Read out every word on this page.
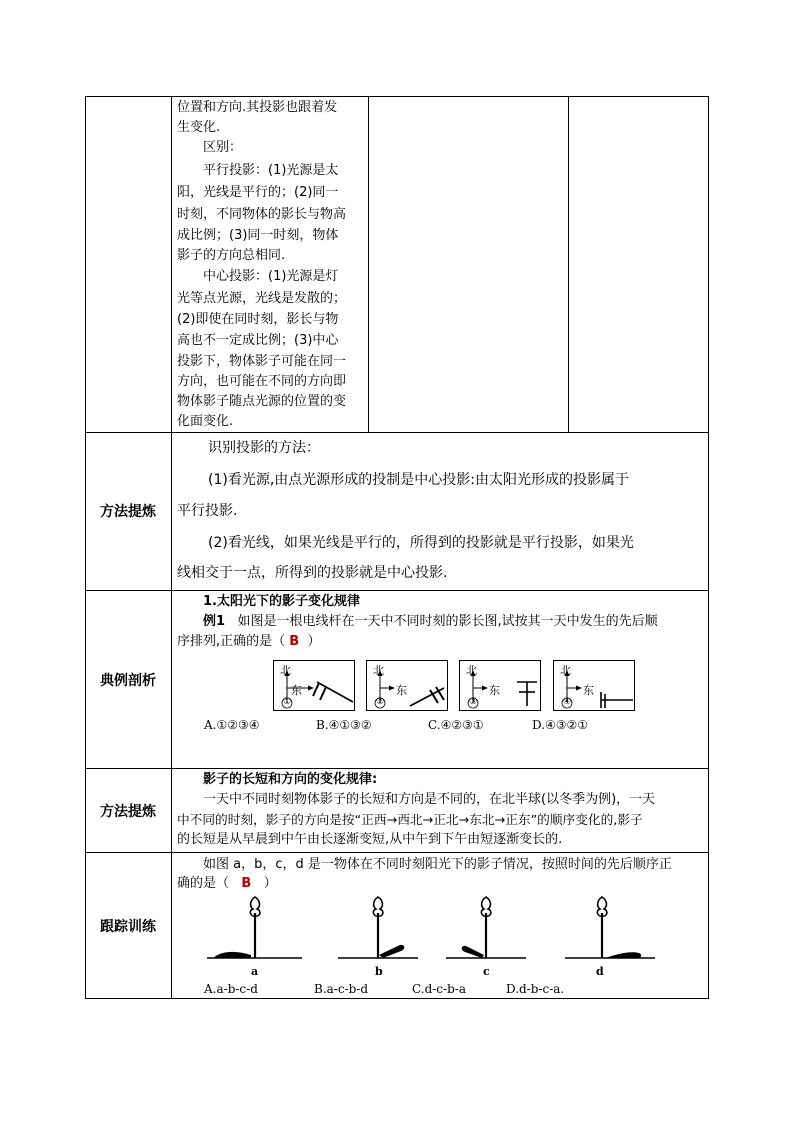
位置和方向.其投影也跟着发
生变化.
区别：
平行投影：(1)光源是太
阳，光线是平行的；(2)同一
时刻，不同物体的影长与物高
成比例；(3)同一时刻，物体
影子的方向总相同.
中心投影：(1)光源是灯
光等点光源，光线是发散的；
(2)即使在同时刻，影长与物
高也不一定成比例；(3)中心
投影下，物体影子可能在同一
方向，也可能在不同的方向即
物体影子随点光源的位置的变
化面变化.
方法提炼
识别投影的方法：
(1)看光源,由点光源形成的投制是中心投影:由太阳光形成的投影属于
平行投影.
(2)看光线，如果光线是平行的，所得到的投影就是平行投影，如果光
线相交于一点，所得到的投影就是中心投影.
典例剖析
1.太阳光下的影子变化规律
例1 如图是一根电线杆在一天中不同时刻的影长图,试按其一天中发生的先后顺
序排列,正确的是（ B ）
北
东
①
北
东
②
北
东
③
北
东
④
A.①②③④	B.④①③②	C.④②③①	D.④③②①
方法提炼
影子的长短和方向的变化规律:
一天中不同时刻物体影子的长短和方向是不同的，在北半球(以冬季为例)，一天
中不同的时刻，影子的方向是按“正西→西北→正北→东北→正东”的顺序变化的,影子
的长短是从早晨到中午由长逐渐变短,从中午到下午由短逐渐变长的.
跟踪训练
如图 a，b，c，d 是一物体在不同时刻阳光下的影子情况，按照时间的先后顺序正
确的是（ B ）
a	b	c	d
A.a-b-c-d	B.a-c-b-d	C.d-c-b-a	D.d-b-c-a.
